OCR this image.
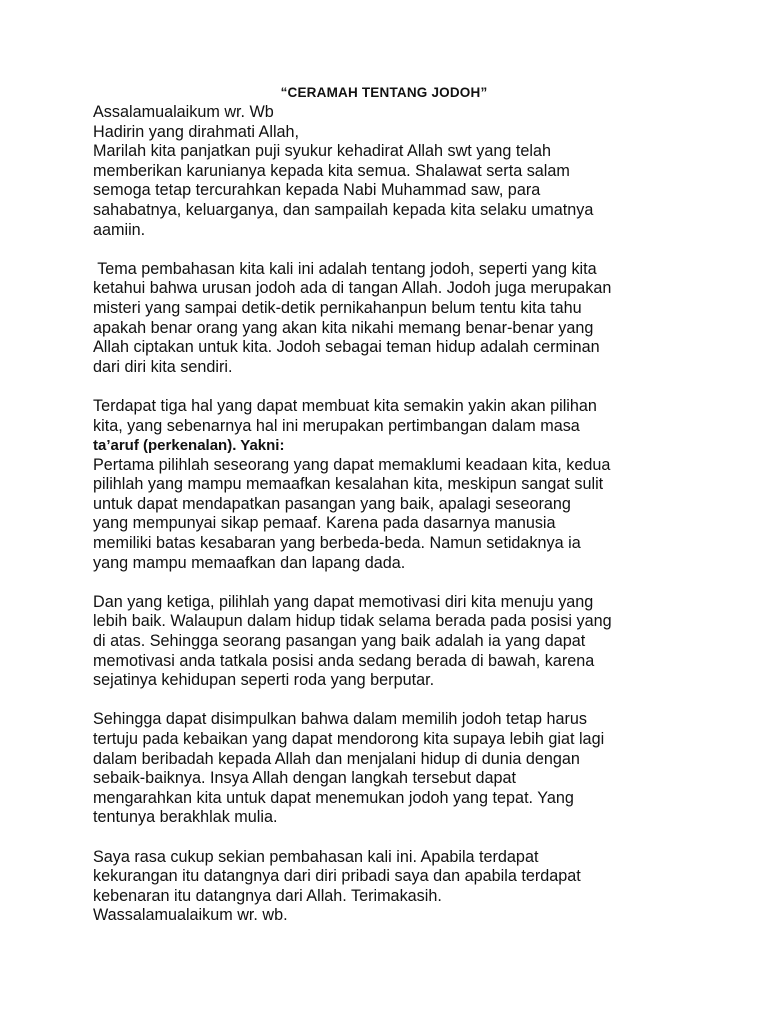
“CERAMAH TENTANG JODOH”
Assalamualaikum wr. Wb
Hadirin yang dirahmati Allah,
Marilah kita panjatkan puji syukur kehadirat Allah swt yang telah
memberikan karunianya kepada kita semua. Shalawat serta salam
semoga tetap tercurahkan kepada Nabi Muhammad saw, para
sahabatnya, keluarganya, dan sampailah kepada kita selaku umatnya
aamiin.
Tema pembahasan kita kali ini adalah tentang jodoh, seperti yang kita
ketahui bahwa urusan jodoh ada di tangan Allah. Jodoh juga merupakan
misteri yang sampai detik-detik pernikahanpun belum tentu kita tahu
apakah benar orang yang akan kita nikahi memang benar-benar yang
Allah ciptakan untuk kita. Jodoh sebagai teman hidup adalah cerminan
dari diri kita sendiri.
Terdapat tiga hal yang dapat membuat kita semakin yakin akan pilihan
kita, yang sebenarnya hal ini merupakan pertimbangan dalam masa
ta’aruf (perkenalan). Yakni:
Pertama pilihlah seseorang yang dapat memaklumi keadaan kita, kedua
pilihlah yang mampu memaafkan kesalahan kita, meskipun sangat sulit
untuk dapat mendapatkan pasangan yang baik, apalagi seseorang
yang mempunyai sikap pemaaf. Karena pada dasarnya manusia
memiliki batas kesabaran yang berbeda-beda. Namun setidaknya ia
yang mampu memaafkan dan lapang dada.
Dan yang ketiga, pilihlah yang dapat memotivasi diri kita menuju yang
lebih baik. Walaupun dalam hidup tidak selama berada pada posisi yang
di atas. Sehingga seorang pasangan yang baik adalah ia yang dapat
memotivasi anda tatkala posisi anda sedang berada di bawah, karena
sejatinya kehidupan seperti roda yang berputar.
Sehingga dapat disimpulkan bahwa dalam memilih jodoh tetap harus
tertuju pada kebaikan yang dapat mendorong kita supaya lebih giat lagi
dalam beribadah kepada Allah dan menjalani hidup di dunia dengan
sebaik-baiknya. Insya Allah dengan langkah tersebut dapat
mengarahkan kita untuk dapat menemukan jodoh yang tepat. Yang
tentunya berakhlak mulia.
Saya rasa cukup sekian pembahasan kali ini. Apabila terdapat
kekurangan itu datangnya dari diri pribadi saya dan apabila terdapat
kebenaran itu datangnya dari Allah. Terimakasih.
Wassalamualaikum wr. wb.
